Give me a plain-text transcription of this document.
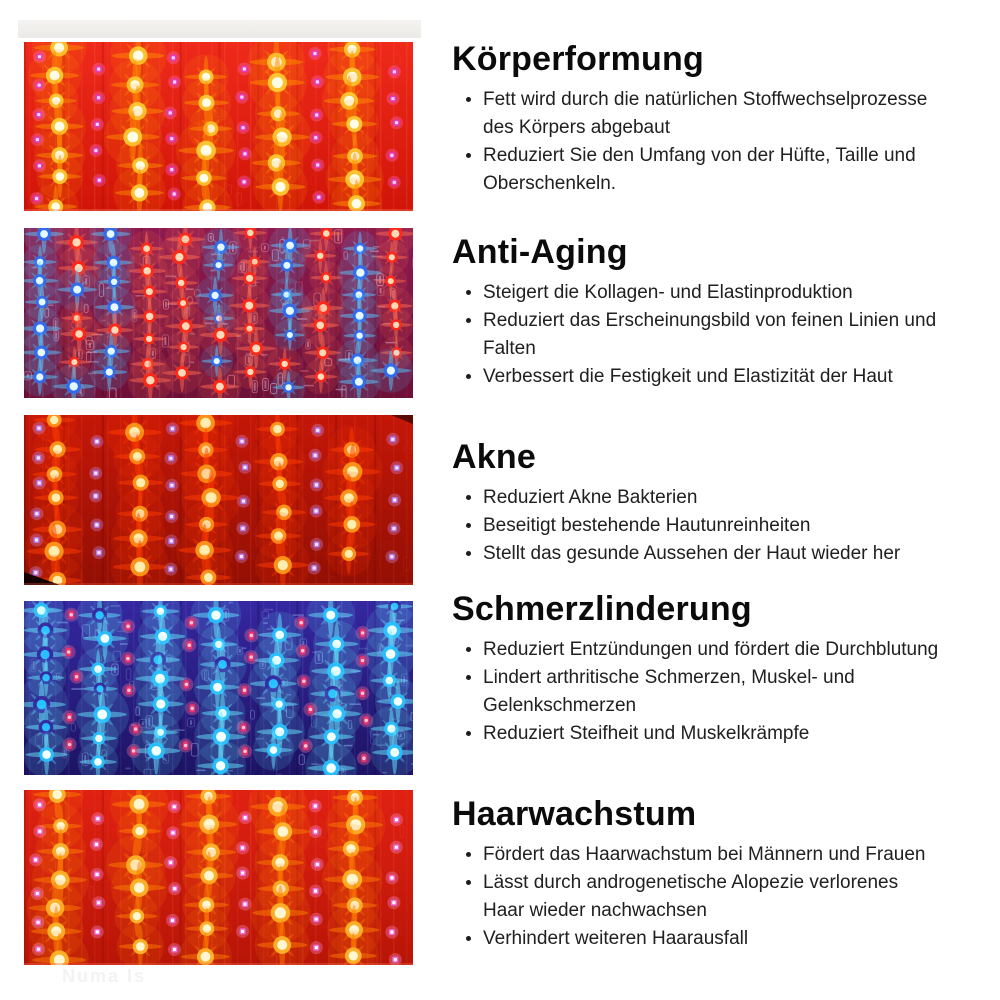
Körperformung
• Fett wird durch die natürlichen Stoffwechselprozesse des Körpers abgebaut
• Reduziert Sie den Umfang von der Hüfte, Taille und Oberschenkeln.
Anti-Aging
• Steigert die Kollagen- und Elastinproduktion
• Reduziert das Erscheinungsbild von feinen Linien und Falten
• Verbessert die Festigkeit und Elastizität der Haut
Akne
• Reduziert Akne Bakterien
• Beseitigt bestehende Hautunreinheiten
• Stellt das gesunde Aussehen der Haut wieder her
Schmerzlinderung
• Reduziert Entzündungen und fördert die Durchblutung
• Lindert arthritische Schmerzen, Muskel- und Gelenkschmerzen
• Reduziert Steifheit und Muskelkrämpfe
Haarwachstum
• Fördert das Haarwachstum bei Männern und Frauen
• Lässt durch androgenetische Alopezie verlorenes Haar wieder nachwachsen
• Verhindert weiteren Haarausfall
Numa Is
